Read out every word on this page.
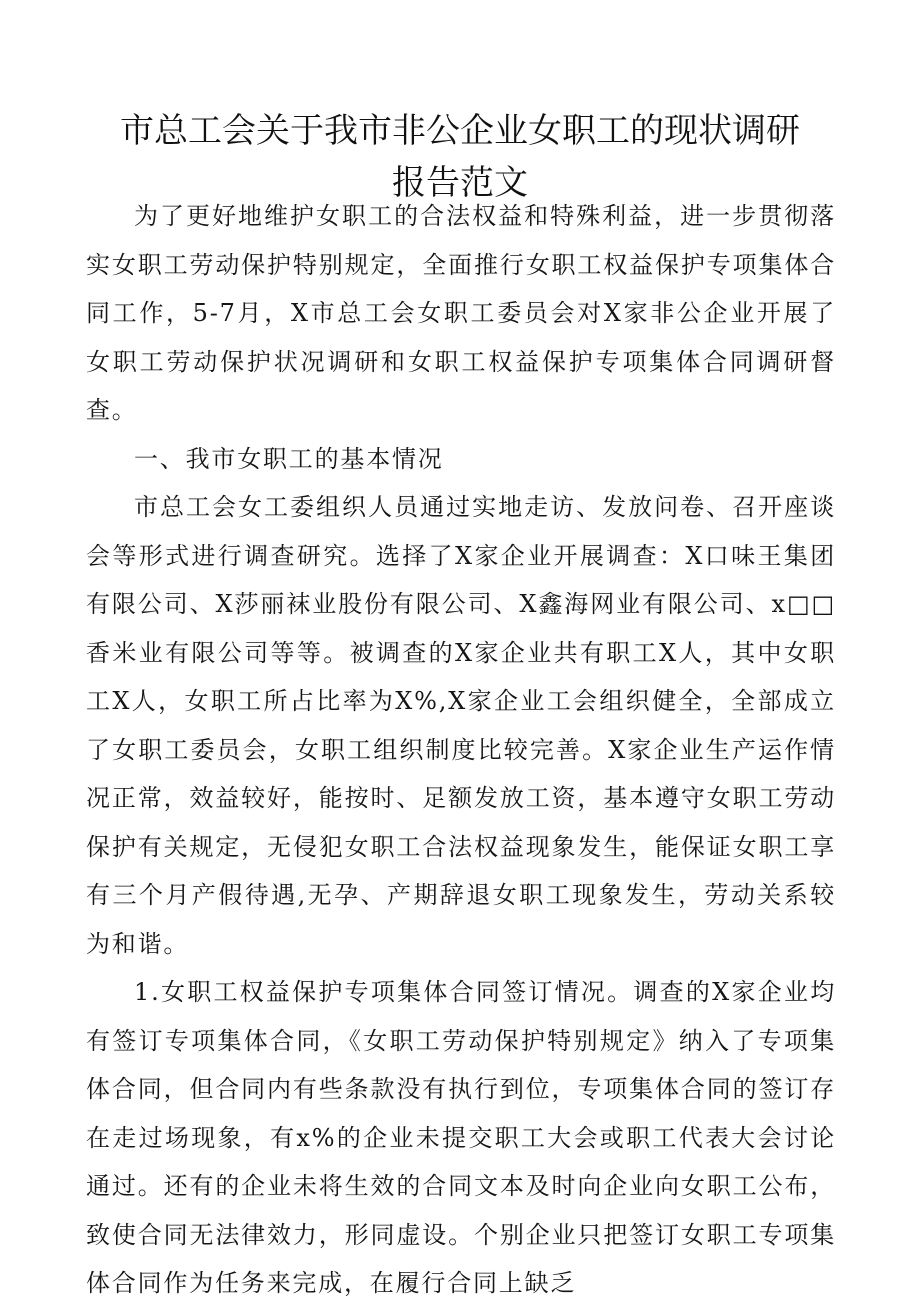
市总工会关于我市非公企业女职工的现状调研报告范文

为了更好地维护女职工的合法权益和特殊利益，进一步贯彻落实女职工劳动保护特别规定，全面推行女职工权益保护专项集体合同工作，5-7月，X市总工会女职工委员会对X家非公企业开展了女职工劳动保护状况调研和女职工权益保护专项集体合同调研督查。

一、我市女职工的基本情况

市总工会女工委组织人员通过实地走访、发放问卷、召开座谈会等形式进行调查研究。选择了X家企业开展调查：X口味王集团有限公司、X莎丽袜业股份有限公司、X鑫海网业有限公司、x□□香米业有限公司等等。被调查的X家企业共有职工X人，其中女职工X人，女职工所占比率为X%,X家企业工会组织健全，全部成立了女职工委员会，女职工组织制度比较完善。X家企业生产运作情况正常，效益较好，能按时、足额发放工资，基本遵守女职工劳动保护有关规定，无侵犯女职工合法权益现象发生，能保证女职工享有三个月产假待遇,无孕、产期辞退女职工现象发生，劳动关系较为和谐。

1.女职工权益保护专项集体合同签订情况。调查的X家企业均有签订专项集体合同，《女职工劳动保护特别规定》纳入了专项集体合同，但合同内有些条款没有执行到位，专项集体合同的签订存在走过场现象，有x%的企业未提交职工大会或职工代表大会讨论通过。还有的企业未将生效的合同文本及时向企业向女职工公布，致使合同无法律效力，形同虚设。个别企业只把签订女职工专项集体合同作为任务来完成，在履行合同上缺乏
